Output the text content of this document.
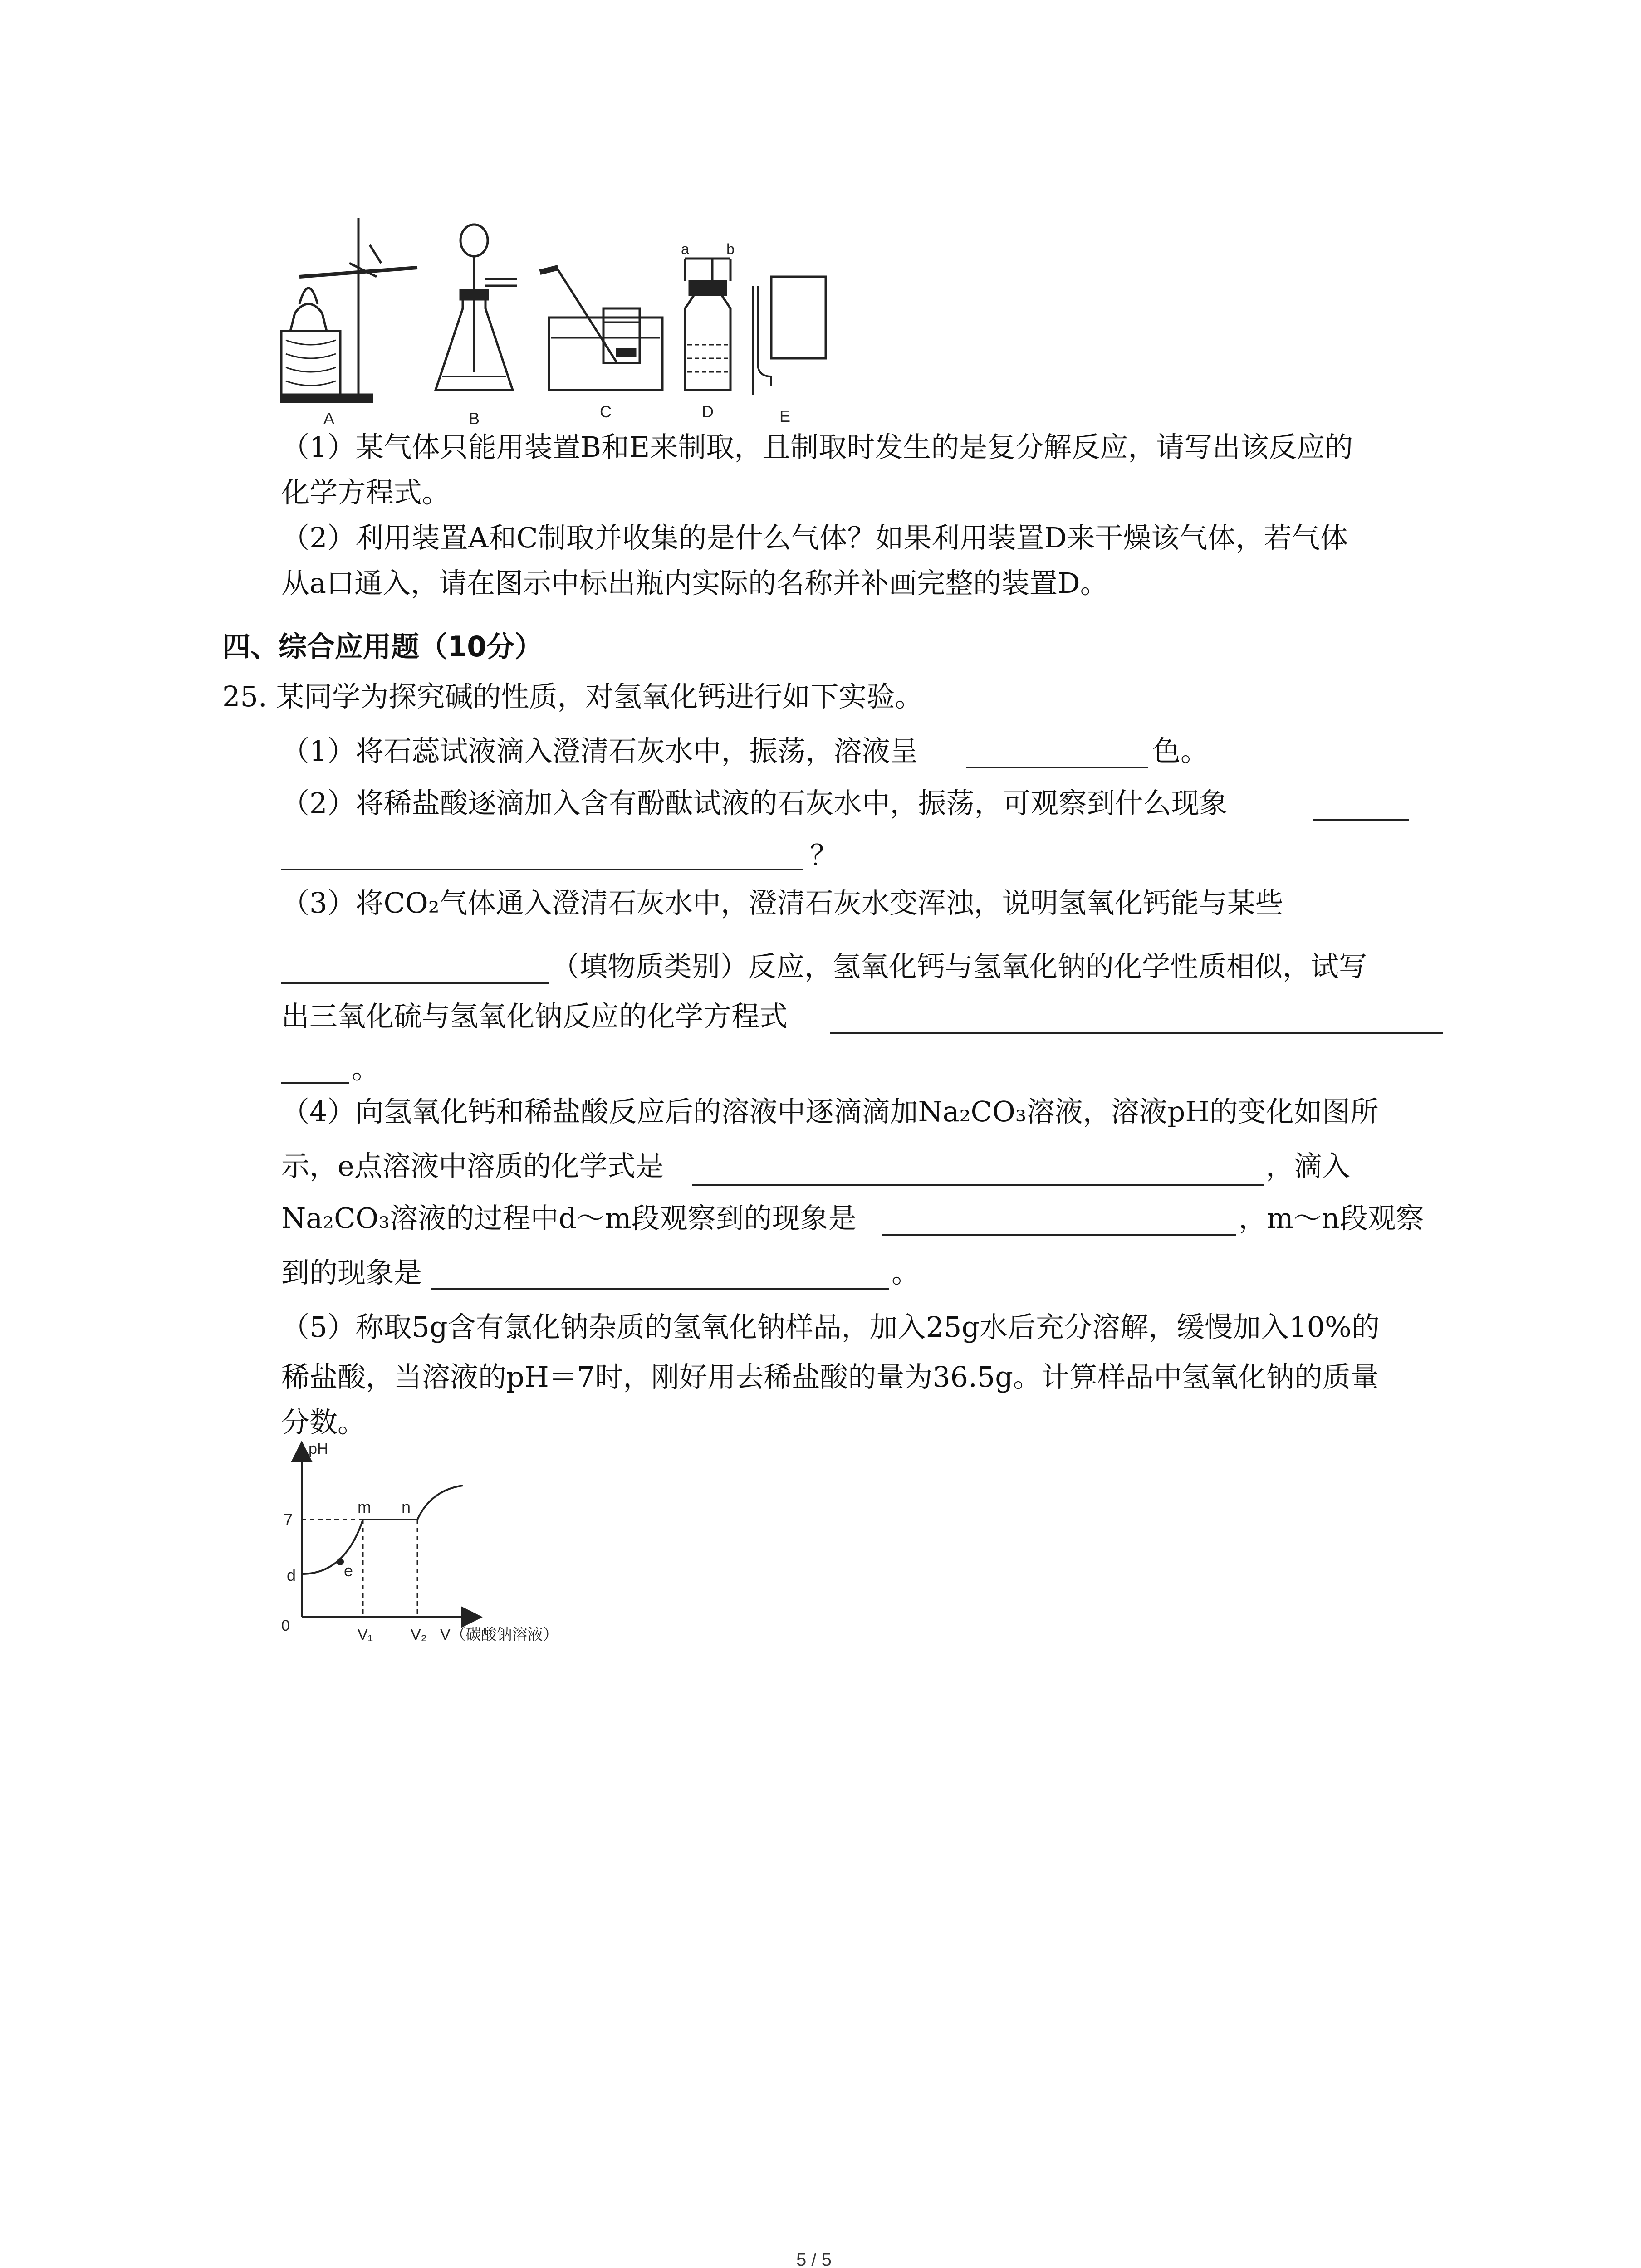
A	B	C	D	E
a	b
（1）某气体只能用装置B和E来制取，且制取时发生的是复分解反应，请写出该反应的
化学方程式。
（2）利用装置A和C制取并收集的是什么气体？如果利用装置D来干燥该气体，若气体
从a口通入，请在图示中标出瓶内实际的名称并补画完整的装置D。
四、综合应用题（10分）
25. 某同学为探究碱的性质，对氢氧化钙进行如下实验。
（1）将石蕊试液滴入澄清石灰水中，振荡，溶液呈	色。
（2）将稀盐酸逐滴加入含有酚酞试液的石灰水中，振荡，可观察到什么现象
？
（3）将CO₂气体通入澄清石灰水中，澄清石灰水变浑浊，说明氢氧化钙能与某些
（填物质类别）反应，氢氧化钙与氢氧化钠的化学性质相似，试写
出三氧化硫与氢氧化钠反应的化学方程式
。
（4）向氢氧化钙和稀盐酸反应后的溶液中逐滴滴加Na₂CO₃溶液，溶液pH的变化如图所
示，e点溶液中溶质的化学式是	，滴入
Na₂CO₃溶液的过程中d～m段观察到的现象是	，m～n段观察
到的现象是	。
（5）称取5g含有氯化钠杂质的氢氧化钠样品，加入25g水后充分溶解，缓慢加入10%的
稀盐酸，当溶液的pH＝7时，刚好用去稀盐酸的量为36.5g。计算样品中氢氧化钠的质量
分数。
pH
7
0
d	e
m n
V₁ V₂ V（碳酸钠溶液）
5 / 5
